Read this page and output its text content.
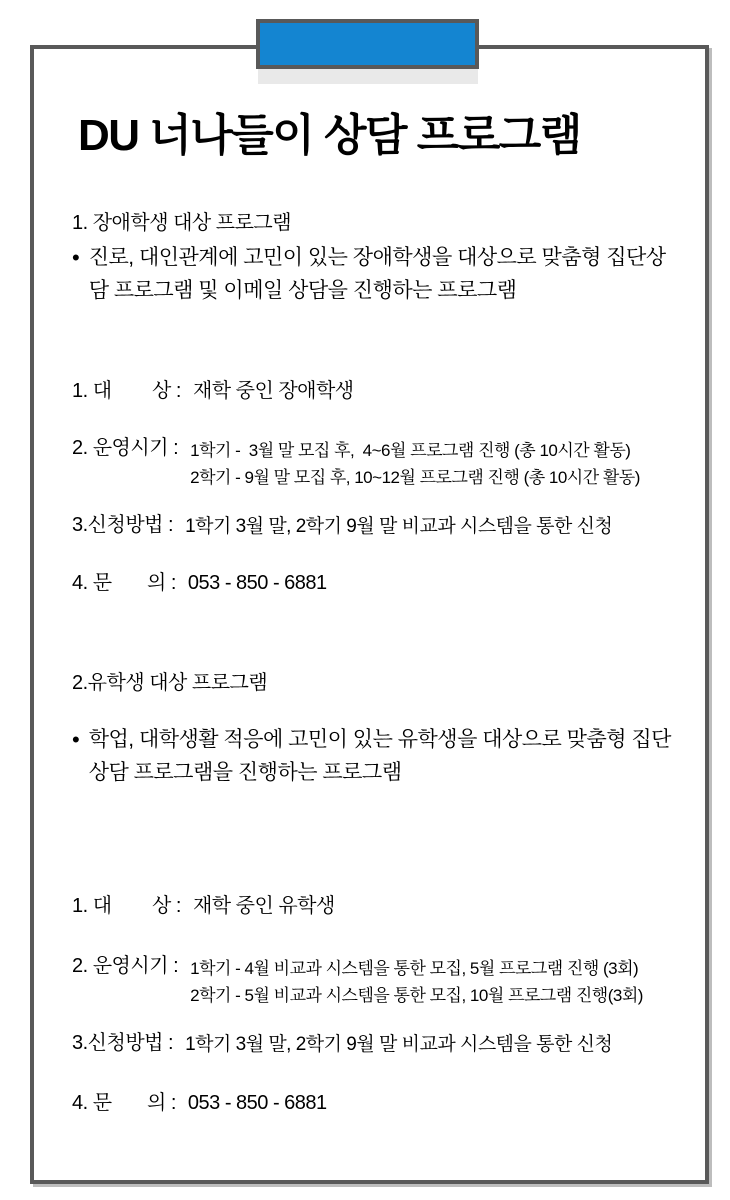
DU 너나들이 상담 프로그램
1. 장애학생 대상 프로그램
• 진로, 대인관계에 고민이 있는 장애학생을 대상으로 맞춤형 집단상
담 프로그램 및 이메일 상담을 진행하는 프로그램
1. 대        상 : 재학 중인 장애학생
2. 운영시기 : 1학기 -  3월 말 모집 후,  4~6월 프로그램 진행 (총 10시간 활동)
2학기 - 9월 말 모집 후, 10~12월 프로그램 진행 (총 10시간 활동)
3.신청방법 : 1학기 3월 말, 2학기 9월 말 비교과 시스템을 통한 신청
4. 문       의 : 053 - 850 - 6881
2.유학생 대상 프로그램
• 학업, 대학생활 적응에 고민이 있는 유학생을 대상으로 맞춤형 집단
상담 프로그램을 진행하는 프로그램
1. 대        상 : 재학 중인 유학생
2. 운영시기 : 1학기 - 4월 비교과 시스템을 통한 모집, 5월 프로그램 진행 (3회)
2학기 - 5월 비교과 시스템을 통한 모집, 10월 프로그램 진행(3회)
3.신청방법 : 1학기 3월 말, 2학기 9월 말 비교과 시스템을 통한 신청
4. 문       의 : 053 - 850 - 6881
